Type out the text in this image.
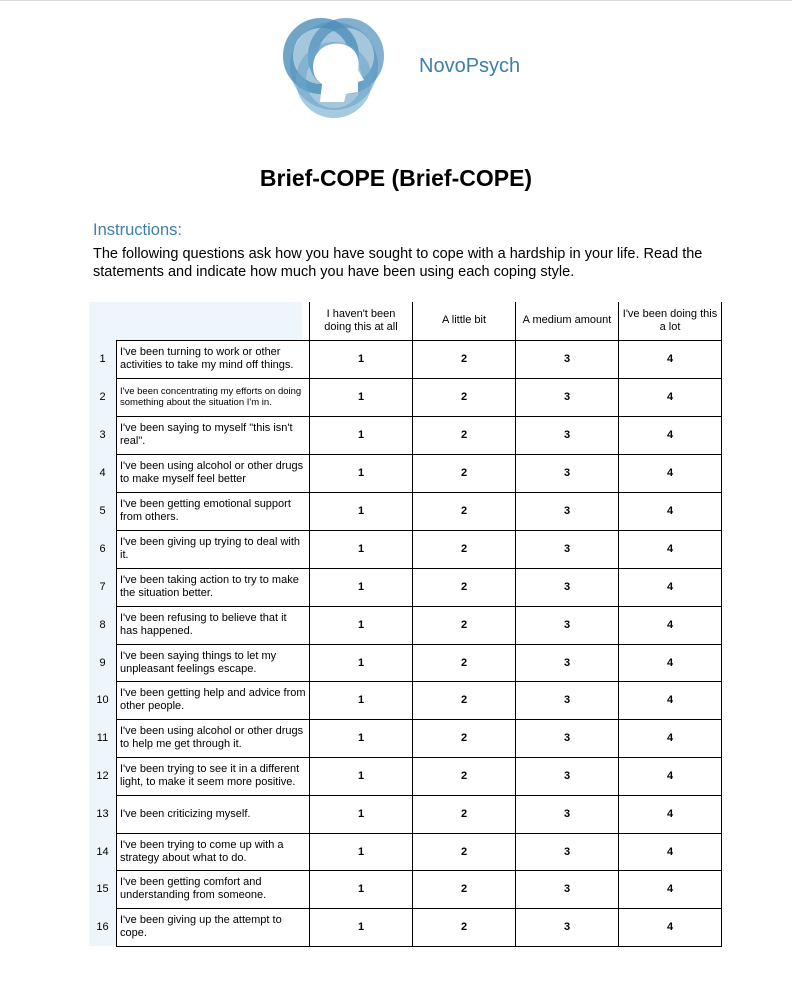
NovoPsych
Brief-COPE (Brief-COPE)
Instructions:
The following questions ask how you have sought to cope with a hardship in your life. Read the statements and indicate how much you have been using each coping style.
		I haven't been doing this at all	A little bit	A medium amount	I've been doing this a lot
1	I've been turning to work or other activities to take my mind off things.	1	2	3	4
2	I've been concentrating my efforts on doing something about the situation I'm in.	1	2	3	4
3	I've been saying to myself "this isn't real".	1	2	3	4
4	I've been using alcohol or other drugs to make myself feel better	1	2	3	4
5	I've been getting emotional support from others.	1	2	3	4
6	I've been giving up trying to deal with it.	1	2	3	4
7	I've been taking action to try to make the situation better.	1	2	3	4
8	I've been refusing to believe that it has happened.	1	2	3	4
9	I've been saying things to let my unpleasant feelings escape.	1	2	3	4
10	I've been getting help and advice from other people.	1	2	3	4
11	I've been using alcohol or other drugs to help me get through it.	1	2	3	4
12	I've been trying to see it in a different light, to make it seem more positive.	1	2	3	4
13	I've been criticizing myself.	1	2	3	4
14	I've been trying to come up with a strategy about what to do.	1	2	3	4
15	I've been getting comfort and understanding from someone.	1	2	3	4
16	I've been giving up the attempt to cope.	1	2	3	4
